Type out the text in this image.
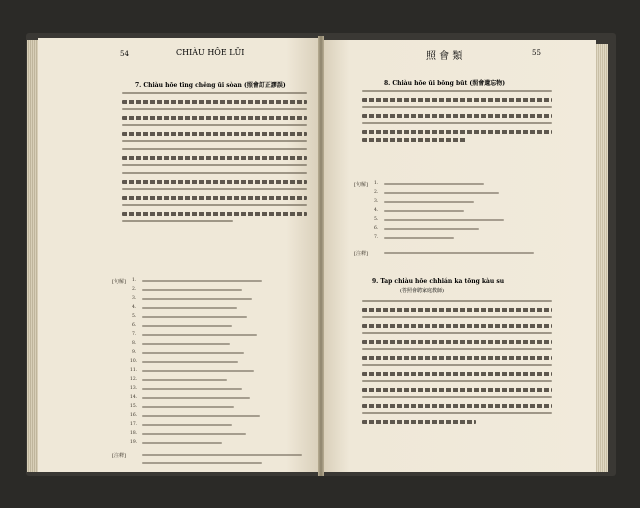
54	CHIÀU HÔE LŪI
7. Chiàu hōe tīng chêng ūi sòan (照會訂正謬誤)
[句解] 1.
2.
3.
4.
5.
6.
7.
8.
9.
10.
11.
12.
13.
14.
15.
16.
17.
18.
19.
[注釋]
照 會 類	55
8. Chiàu hōe ūi bōng būt (照會遺忘物)
[句解] 1.
2.
3.
4.
5.
6.
7.
[注釋]
9. Tap chiàu hōe chhián ka tōng kàu su
(答照會聘家庭教師)
